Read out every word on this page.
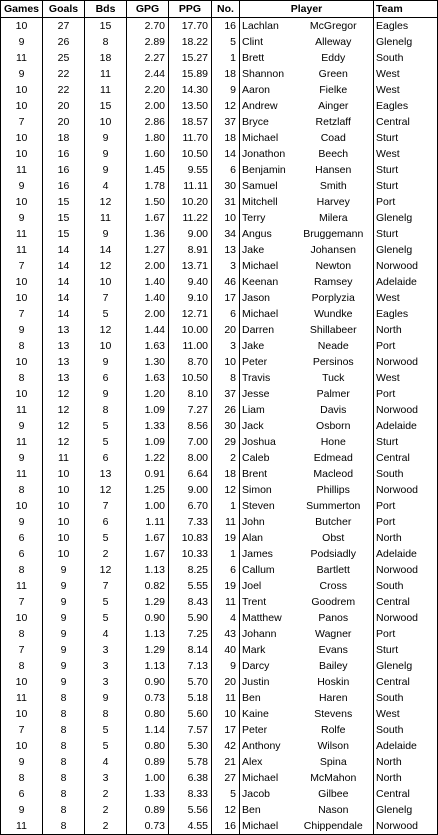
Games	Goals	Bds	GPG	PPG	No.	Player		Team
10	27	15	2.70	17.70	16	Lachlan	McGregor	Eagles
9	26	8	2.89	18.22	5	Clint	Alleway	Glenelg
11	25	18	2.27	15.27	1	Brett	Eddy	South
9	22	11	2.44	15.89	18	Shannon	Green	West
10	22	11	2.20	14.30	9	Aaron	Fielke	West
10	20	15	2.00	13.50	12	Andrew	Ainger	Eagles
7	20	10	2.86	18.57	37	Bryce	Retzlaff	Central
10	18	9	1.80	11.70	18	Michael	Coad	Sturt
10	16	9	1.60	10.50	14	Jonathon	Beech	West
11	16	9	1.45	9.55	6	Benjamin	Hansen	Sturt
9	16	4	1.78	11.11	30	Samuel	Smith	Sturt
10	15	12	1.50	10.20	31	Mitchell	Harvey	Port
9	15	11	1.67	11.22	10	Terry	Milera	Glenelg
11	15	9	1.36	9.00	34	Angus	Bruggemann	Sturt
11	14	14	1.27	8.91	13	Jake	Johansen	Glenelg
7	14	12	2.00	13.71	3	Michael	Newton	Norwood
10	14	10	1.40	9.40	46	Keenan	Ramsey	Adelaide
10	14	7	1.40	9.10	17	Jason	Porplyzia	West
7	14	5	2.00	12.71	6	Michael	Wundke	Eagles
9	13	12	1.44	10.00	20	Darren	Shillabeer	North
8	13	10	1.63	11.00	3	Jake	Neade	Port
10	13	9	1.30	8.70	10	Peter	Persinos	Norwood
8	13	6	1.63	10.50	8	Travis	Tuck	West
10	12	9	1.20	8.10	37	Jesse	Palmer	Port
11	12	8	1.09	7.27	26	Liam	Davis	Norwood
9	12	5	1.33	8.56	30	Jack	Osborn	Adelaide
11	12	5	1.09	7.00	29	Joshua	Hone	Sturt
9	11	6	1.22	8.00	2	Caleb	Edmead	Central
11	10	13	0.91	6.64	18	Brent	Macleod	South
8	10	12	1.25	9.00	12	Simon	Phillips	Norwood
10	10	7	1.00	6.70	1	Steven	Summerton	Port
9	10	6	1.11	7.33	11	John	Butcher	Port
6	10	5	1.67	10.83	19	Alan	Obst	North
6	10	2	1.67	10.33	1	James	Podsiadly	Adelaide
8	9	12	1.13	8.25	6	Callum	Bartlett	Norwood
11	9	7	0.82	5.55	19	Joel	Cross	South
7	9	5	1.29	8.43	11	Trent	Goodrem	Central
10	9	5	0.90	5.90	4	Matthew	Panos	Norwood
8	9	4	1.13	7.25	43	Johann	Wagner	Port
7	9	3	1.29	8.14	40	Mark	Evans	Sturt
8	9	3	1.13	7.13	9	Darcy	Bailey	Glenelg
10	9	3	0.90	5.70	20	Justin	Hoskin	Central
11	8	9	0.73	5.18	11	Ben	Haren	South
10	8	8	0.80	5.60	10	Kaine	Stevens	West
7	8	5	1.14	7.57	17	Peter	Rolfe	South
10	8	5	0.80	5.30	42	Anthony	Wilson	Adelaide
9	8	4	0.89	5.78	21	Alex	Spina	North
8	8	3	1.00	6.38	27	Michael	McMahon	North
6	8	2	1.33	8.33	5	Jacob	Gilbee	Central
9	8	2	0.89	5.56	12	Ben	Nason	Glenelg
11	8	2	0.73	4.55	16	Michael	Chippendale	Norwood
